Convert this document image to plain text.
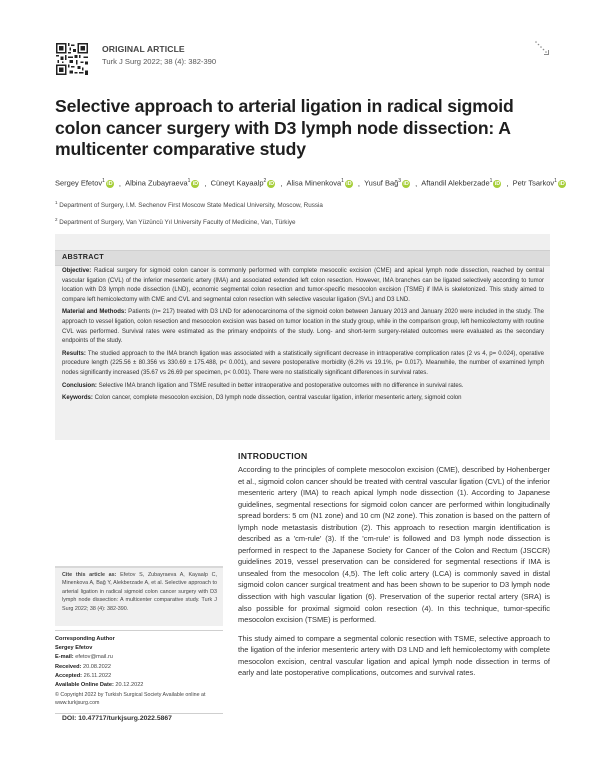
ORIGINAL ARTICLE
Turk J Surg 2022; 38 (4): 382-390
Selective approach to arterial ligation in radical sigmoid colon cancer surgery with D3 lymph node dissection: A multicenter comparative study
Sergey Efetov$^1$ iD , Albina Zubayraeva$^1$ iD , Cüneyt Kayaalp$^2$ iD , Alisa Minenkova$^1$ iD , Yusuf Bağ$^3$ iD , Aftandil Alekberzade$^1$ iD , Petr Tsarkov$^1$ iD
$^1$ Department of Surgery, I.M. Sechenov First Moscow State Medical University, Moscow, Russia
$^2$ Department of Surgery, Van Yüzüncü Yıl University Faculty of Medicine, Van, Türkiye
ABSTRACT

Objective: Radical surgery for sigmoid colon cancer is commonly performed with complete mesocolic excision (CME) and apical lymph node dissection, reached by central vascular ligation (CVL) of the inferior mesenteric artery (IMA) and associated extended left colon resection. However, IMA branches can be ligated selectively according to tumor location with D3 lymph node dissection (LND), economic segmental colon resection and tumor-specific mesocolon excision (TSME) if IMA is skeletonized. This study aimed to compare left hemicolectomy with CME and CVL and segmental colon resection with selective vascular ligation (SVL) and D3 LND.

Material and Methods: Patients (n= 217) treated with D3 LND for adenocarcinoma of the sigmoid colon between January 2013 and January 2020 were included in the study. The approach to vessel ligation, colon resection and mesocolon excision was based on tumor location in the study group, while in the comparison group, left hemicolectomy with routine CVL was performed. Survival rates were estimated as the primary endpoints of the study. Long- and short-term surgery-related outcomes were evaluated as the secondary endpoints of the study.

Results: The studied approach to the IMA branch ligation was associated with a statistically significant decrease in intraoperative complication rates (2 vs 4, p= 0.024), operative procedure length (225.56 ± 80.356 vs 330.69 ± 175.488, p< 0.001), and severe postoperative morbidity (6.2% vs 19.1%, p= 0.017). Meanwhile, the number of examined lymph nodes significantly increased (35.67 vs 26.69 per specimen, p< 0.001). There were no statistically significant differences in survival rates.

Conclusion: Selective IMA branch ligation and TSME resulted in better intraoperative and postoperative outcomes with no difference in survival rates.

Keywords: Colon cancer, complete mesocolon excision, D3 lymph node dissection, central vascular ligation, inferior mesenteric artery, sigmoid colon

Cite this article as: Efetov S, Zubayraeva A, Kayaalp C, Minenkova A, Bağ Y, Alekberzade A, et al. Selective approach to arterial ligation in radical sigmoid colon cancer surgery with D3 lymph node dissection: A multicenter comparative study. Turk J Surg 2022; 38 (4): 382-390.
Corresponding Author
Sergey Efetov
E-mail: efetov@mail.ru
Received: 20.08.2022
Accepted: 26.11.2022
Available Online Date: 20.12.2022
© Copyright 2022 by Turkish Surgical Society Available online at www.turkjsurg.com
DOI: 10.47717/turkjsurg.2022.5867
INTRODUCTION

According to the principles of complete mesocolon excision (CME), described by Hohenberger et al., sigmoid colon cancer should be treated with central vascular ligation (CVL) of the inferior mesenteric artery (IMA) to reach apical lymph node dissection (1). According to Japanese guidelines, segmental resections for sigmoid colon cancer are performed within longitudinally spread borders: 5 cm (N1 zone) and 10 cm (N2 zone). This zonation is based on the pattern of lymph node metastasis distribution (2). This approach to resection margin identification is described as a 'cm-rule' (3). If the 'cm-rule' is followed and D3 lymph node dissection is performed in respect to the Japanese Society for Cancer of the Colon and Rectum (JSCCR) guidelines 2019, vessel preservation can be considered for segmental resections if IMA is unsealed from the mesocolon (4,5). The left colic artery (LCA) is commonly saved in distal sigmoid colon cancer surgical treatment and has been shown to be superior to D3 lymph node dissection with high vascular ligation (6). Preservation of the superior rectal artery (SRA) is also possible for proximal sigmoid colon resection (4). In this technique, tumor-specific mesocolon excision (TSME) is performed.

This study aimed to compare a segmental colonic resection with TSME, selective approach to the ligation of the inferior mesenteric artery with D3 LND and left hemicolectomy with complete mesocolon excision, central vascular ligation and apical lymph node dissection in terms of early and late postoperative complications, outcomes and survival rates.
